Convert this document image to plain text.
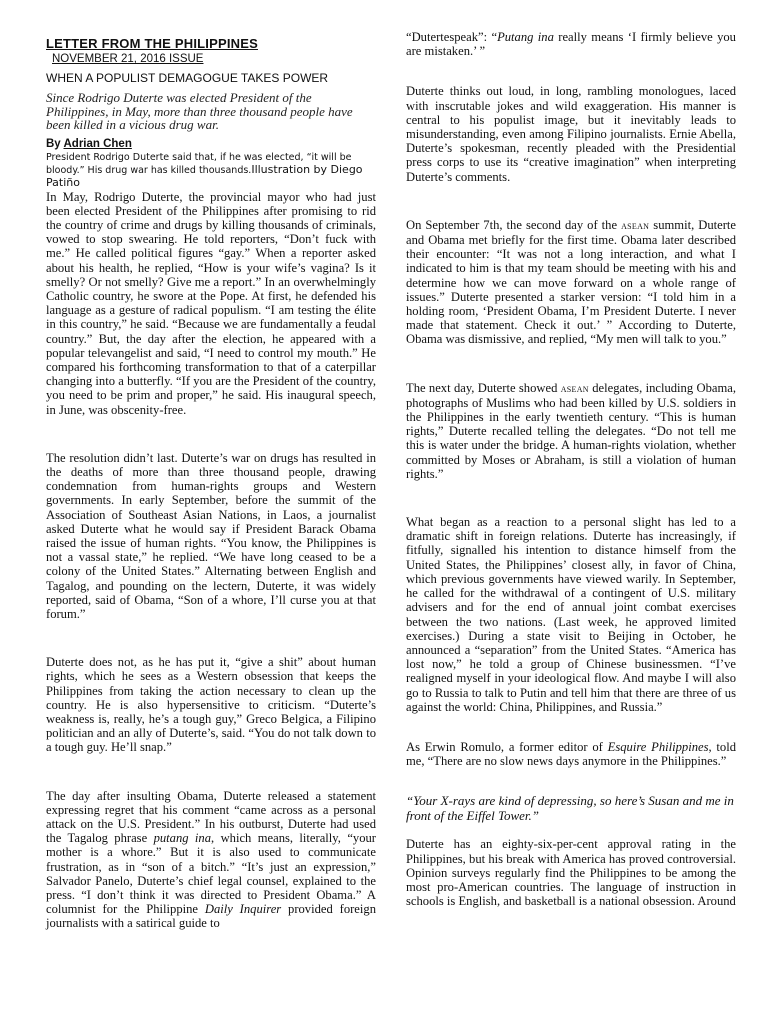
LETTER FROM THE PHILIPPINES
NOVEMBER 21, 2016 ISSUE
WHEN A POPULIST DEMAGOGUE TAKES POWER
Since Rodrigo Duterte was elected President of the Philippines, in May, more than three thousand people have been killed in a vicious drug war.
By Adrian Chen
President Rodrigo Duterte said that, if he was elected, “it will be bloody.” His drug war has killed thousands.Illustration by Diego Patiño

In May, Rodrigo Duterte, the provincial mayor who had just been elected President of the Philippines after promising to rid the country of crime and drugs by killing thousands of criminals, vowed to stop swearing. He told reporters, “Don’t fuck with me.” He called political figures “gay.” When a reporter asked about his health, he replied, “How is your wife’s vagina? Is it smelly? Or not smelly? Give me a report.” In an overwhelmingly Catholic country, he swore at the Pope. At first, he defended his language as a gesture of radical populism. “I am testing the élite in this country,” he said. “Because we are fundamentally a feudal country.” But, the day after the election, he appeared with a popular televangelist and said, “I need to control my mouth.” He compared his forthcoming transformation to that of a caterpillar changing into a butterfly. “If you are the President of the country, you need to be prim and proper,” he said. His inaugural speech, in June, was obscenity-free.

The resolution didn’t last. Duterte’s war on drugs has resulted in the deaths of more than three thousand people, drawing condemnation from human-rights groups and Western governments. In early September, before the summit of the Association of Southeast Asian Nations, in Laos, a journalist asked Duterte what he would say if President Barack Obama raised the issue of human rights. “You know, the Philippines is not a vassal state,” he replied. “We have long ceased to be a colony of the United States.” Alternating between English and Tagalog, and pounding on the lectern, Duterte, it was widely reported, said of Obama, “Son of a whore, I’ll curse you at that forum.”

Duterte does not, as he has put it, “give a shit” about human rights, which he sees as a Western obsession that keeps the Philippines from taking the action necessary to clean up the country. He is also hypersensitive to criticism. “Duterte’s weakness is, really, he’s a tough guy,” Greco Belgica, a Filipino politician and an ally of Duterte’s, said. “You do not talk down to a tough guy. He’ll snap.”

The day after insulting Obama, Duterte released a statement expressing regret that his comment “came across as a personal attack on the U.S. President.” In his outburst, Duterte had used the Tagalog phrase putang ina, which means, literally, “your mother is a whore.” But it is also used to communicate frustration, as in “son of a bitch.” “It’s just an expression,” Salvador Panelo, Duterte’s chief legal counsel, explained to the press. “I don’t think it was directed to President Obama.” A columnist for the Philippine Daily Inquirer provided foreign journalists with a satirical guide to

“Dutertespeak”: “Putang ina really means ‘I firmly believe you are mistaken.’ ”

Duterte thinks out loud, in long, rambling monologues, laced with inscrutable jokes and wild exaggeration. His manner is central to his populist image, but it inevitably leads to misunderstanding, even among Filipino journalists. Ernie Abella, Duterte’s spokesman, recently pleaded with the Presidential press corps to use its “creative imagination” when interpreting Duterte’s comments.

On September 7th, the second day of the asean summit, Duterte and Obama met briefly for the first time. Obama later described their encounter: “It was not a long interaction, and what I indicated to him is that my team should be meeting with his and determine how we can move forward on a whole range of issues.” Duterte presented a starker version: “I told him in a holding room, ‘President Obama, I’m President Duterte. I never made that statement. Check it out.’ ” According to Duterte, Obama was dismissive, and replied, “My men will talk to you.”

The next day, Duterte showed asean delegates, including Obama, photographs of Muslims who had been killed by U.S. soldiers in the Philippines in the early twentieth century. “This is human rights,” Duterte recalled telling the delegates. “Do not tell me this is water under the bridge. A human-rights violation, whether committed by Moses or Abraham, is still a violation of human rights.”

What began as a reaction to a personal slight has led to a dramatic shift in foreign relations. Duterte has increasingly, if fitfully, signalled his intention to distance himself from the United States, the Philippines’ closest ally, in favor of China, which previous governments have viewed warily. In September, he called for the withdrawal of a contingent of U.S. military advisers and for the end of annual joint combat exercises between the two nations. (Last week, he approved limited exercises.) During a state visit to Beijing in October, he announced a “separation” from the United States. “America has lost now,” he told a group of Chinese businessmen. “I’ve realigned myself in your ideological flow. And maybe I will also go to Russia to talk to Putin and tell him that there are three of us against the world: China, Philippines, and Russia.”

As Erwin Romulo, a former editor of Esquire Philippines, told me, “There are no slow news days anymore in the Philippines.”

“Your X-rays are kind of depressing, so here’s Susan and me in front of the Eiffel Tower.”

Duterte has an eighty-six-per-cent approval rating in the Philippines, but his break with America has proved controversial. Opinion surveys regularly find the Philippines to be among the most pro-American countries. The language of instruction in schools is English, and basketball is a national obsession. Around
